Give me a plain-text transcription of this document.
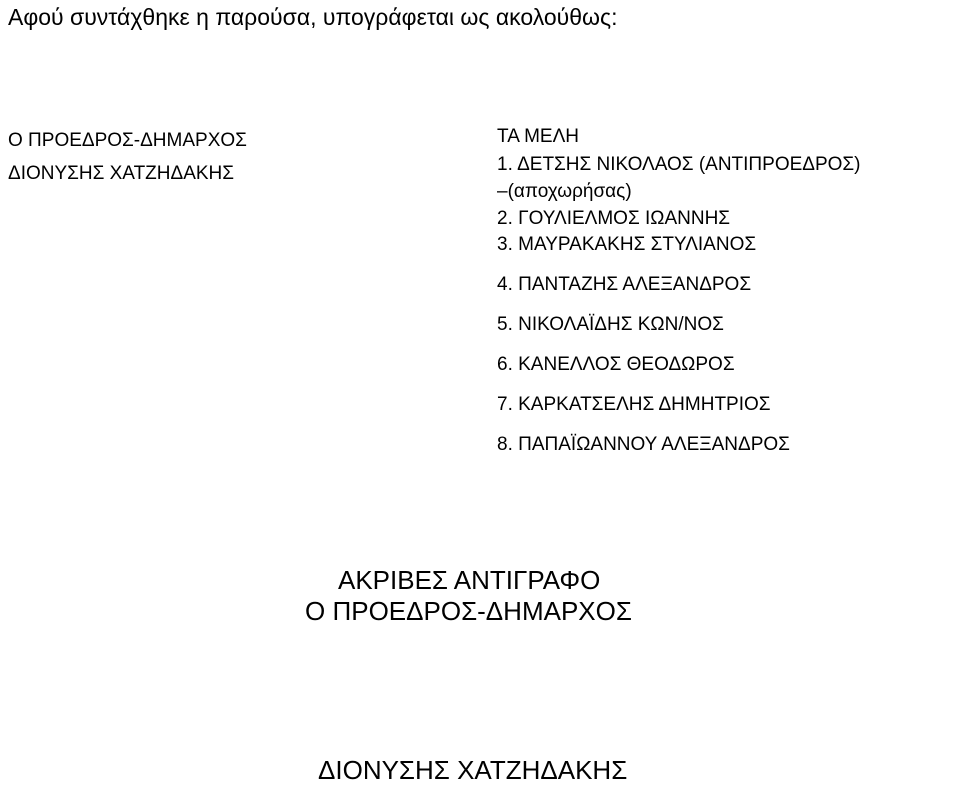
Αφού συντάχθηκε η παρούσα, υπογράφεται ως ακολούθως:
Ο ΠΡΟΕΔΡΟΣ-ΔΗΜΑΡΧΟΣ
ΔΙΟΝΥΣΗΣ ΧΑΤΖΗΔΑΚΗΣ
ΤΑ ΜΕΛΗ
1. ΔΕΤΣΗΣ ΝΙΚΟΛΑΟΣ (ΑΝΤΙΠΡΟΕΔΡΟΣ)
–(αποχωρήσας)
2. ΓΟΥΛΙΕΛΜΟΣ ΙΩΑΝΝΗΣ
3. ΜΑΥΡΑΚΑΚΗΣ ΣΤΥΛΙΑΝΟΣ
4. ΠΑΝΤΑΖΗΣ ΑΛΕΞΑΝΔΡΟΣ
5. ΝΙΚΟΛΑΪΔΗΣ ΚΩΝ/ΝΟΣ
6. ΚΑΝΕΛΛΟΣ ΘΕΟΔΩΡΟΣ
7. ΚΑΡΚΑΤΣΕΛΗΣ ΔΗΜΗΤΡΙΟΣ
8. ΠΑΠΑΪΩΑΝΝΟΥ ΑΛΕΞΑΝΔΡΟΣ
ΑΚΡΙΒΕΣ ΑΝΤΙΓΡΑΦΟ
Ο ΠΡΟΕΔΡΟΣ-ΔΗΜΑΡΧΟΣ
ΔΙΟΝΥΣΗΣ ΧΑΤΖΗΔΑΚΗΣ
